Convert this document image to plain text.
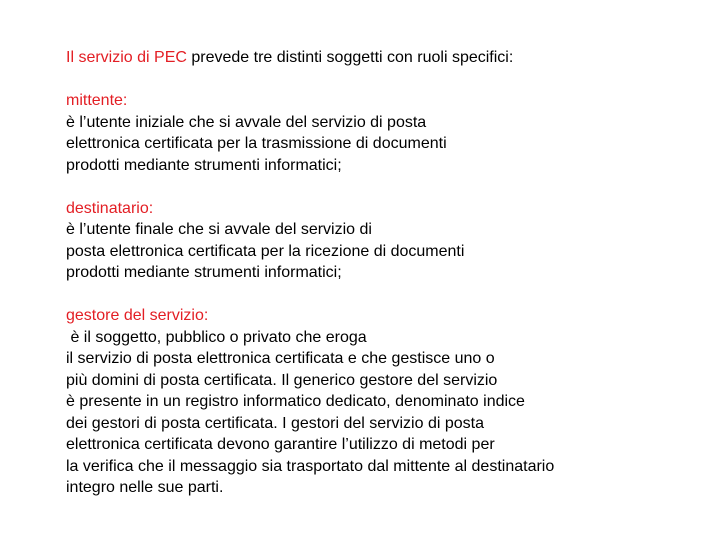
Il servizio di PEC prevede tre distinti soggetti con ruoli specifici:
mittente:
è l’utente iniziale che si avvale del servizio di posta
elettronica certificata per la trasmissione di documenti
prodotti mediante strumenti informatici;
destinatario:
è l’utente finale che si avvale del servizio di
posta elettronica certificata per la ricezione di documenti
prodotti mediante strumenti informatici;
gestore del servizio:
è il soggetto, pubblico o privato che eroga
il servizio di posta elettronica certificata e che gestisce uno o
più domini di posta certificata. Il generico gestore del servizio
è presente in un registro informatico dedicato, denominato indice
dei gestori di posta certificata. I gestori del servizio di posta
elettronica certificata devono garantire l’utilizzo di metodi per
la verifica che il messaggio sia trasportato dal mittente al destinatario
integro nelle sue parti.
